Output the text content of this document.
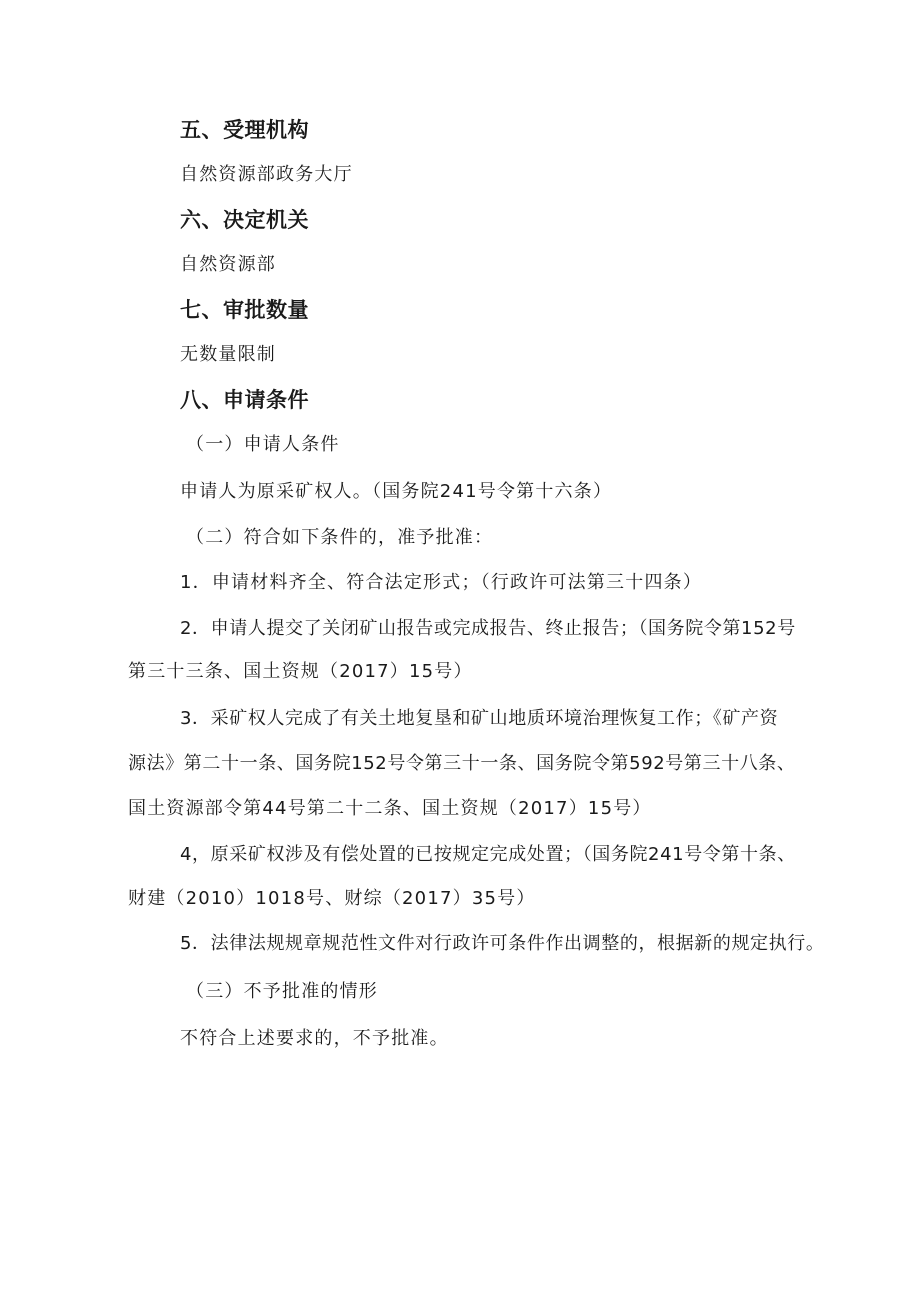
五、受理机构
自然资源部政务大厅
六、决定机关
自然资源部
七、审批数量
无数量限制
八、申请条件
（一）申请人条件
申请人为原采矿权人。（国务院241号令第十六条）
（二）符合如下条件的，准予批准：
1．申请材料齐全、符合法定形式；（行政许可法第三十四条）
2．申请人提交了关闭矿山报告或完成报告、终止报告；（国务院令第152号
第三十三条、国土资规（2017）15号）
3．采矿权人完成了有关土地复垦和矿山地质环境治理恢复工作；《矿产资
源法》第二十一条、国务院152号令第三十一条、国务院令第592号第三十八条、
国土资源部令第44号第二十二条、国土资规（2017）15号）
4，原采矿权涉及有偿处置的已按规定完成处置；（国务院241号令第十条、
财建（2010）1018号、财综（2017）35号）
5．法律法规规章规范性文件对行政许可条件作出调整的，根据新的规定执行。
（三）不予批准的情形
不符合上述要求的，不予批准。
